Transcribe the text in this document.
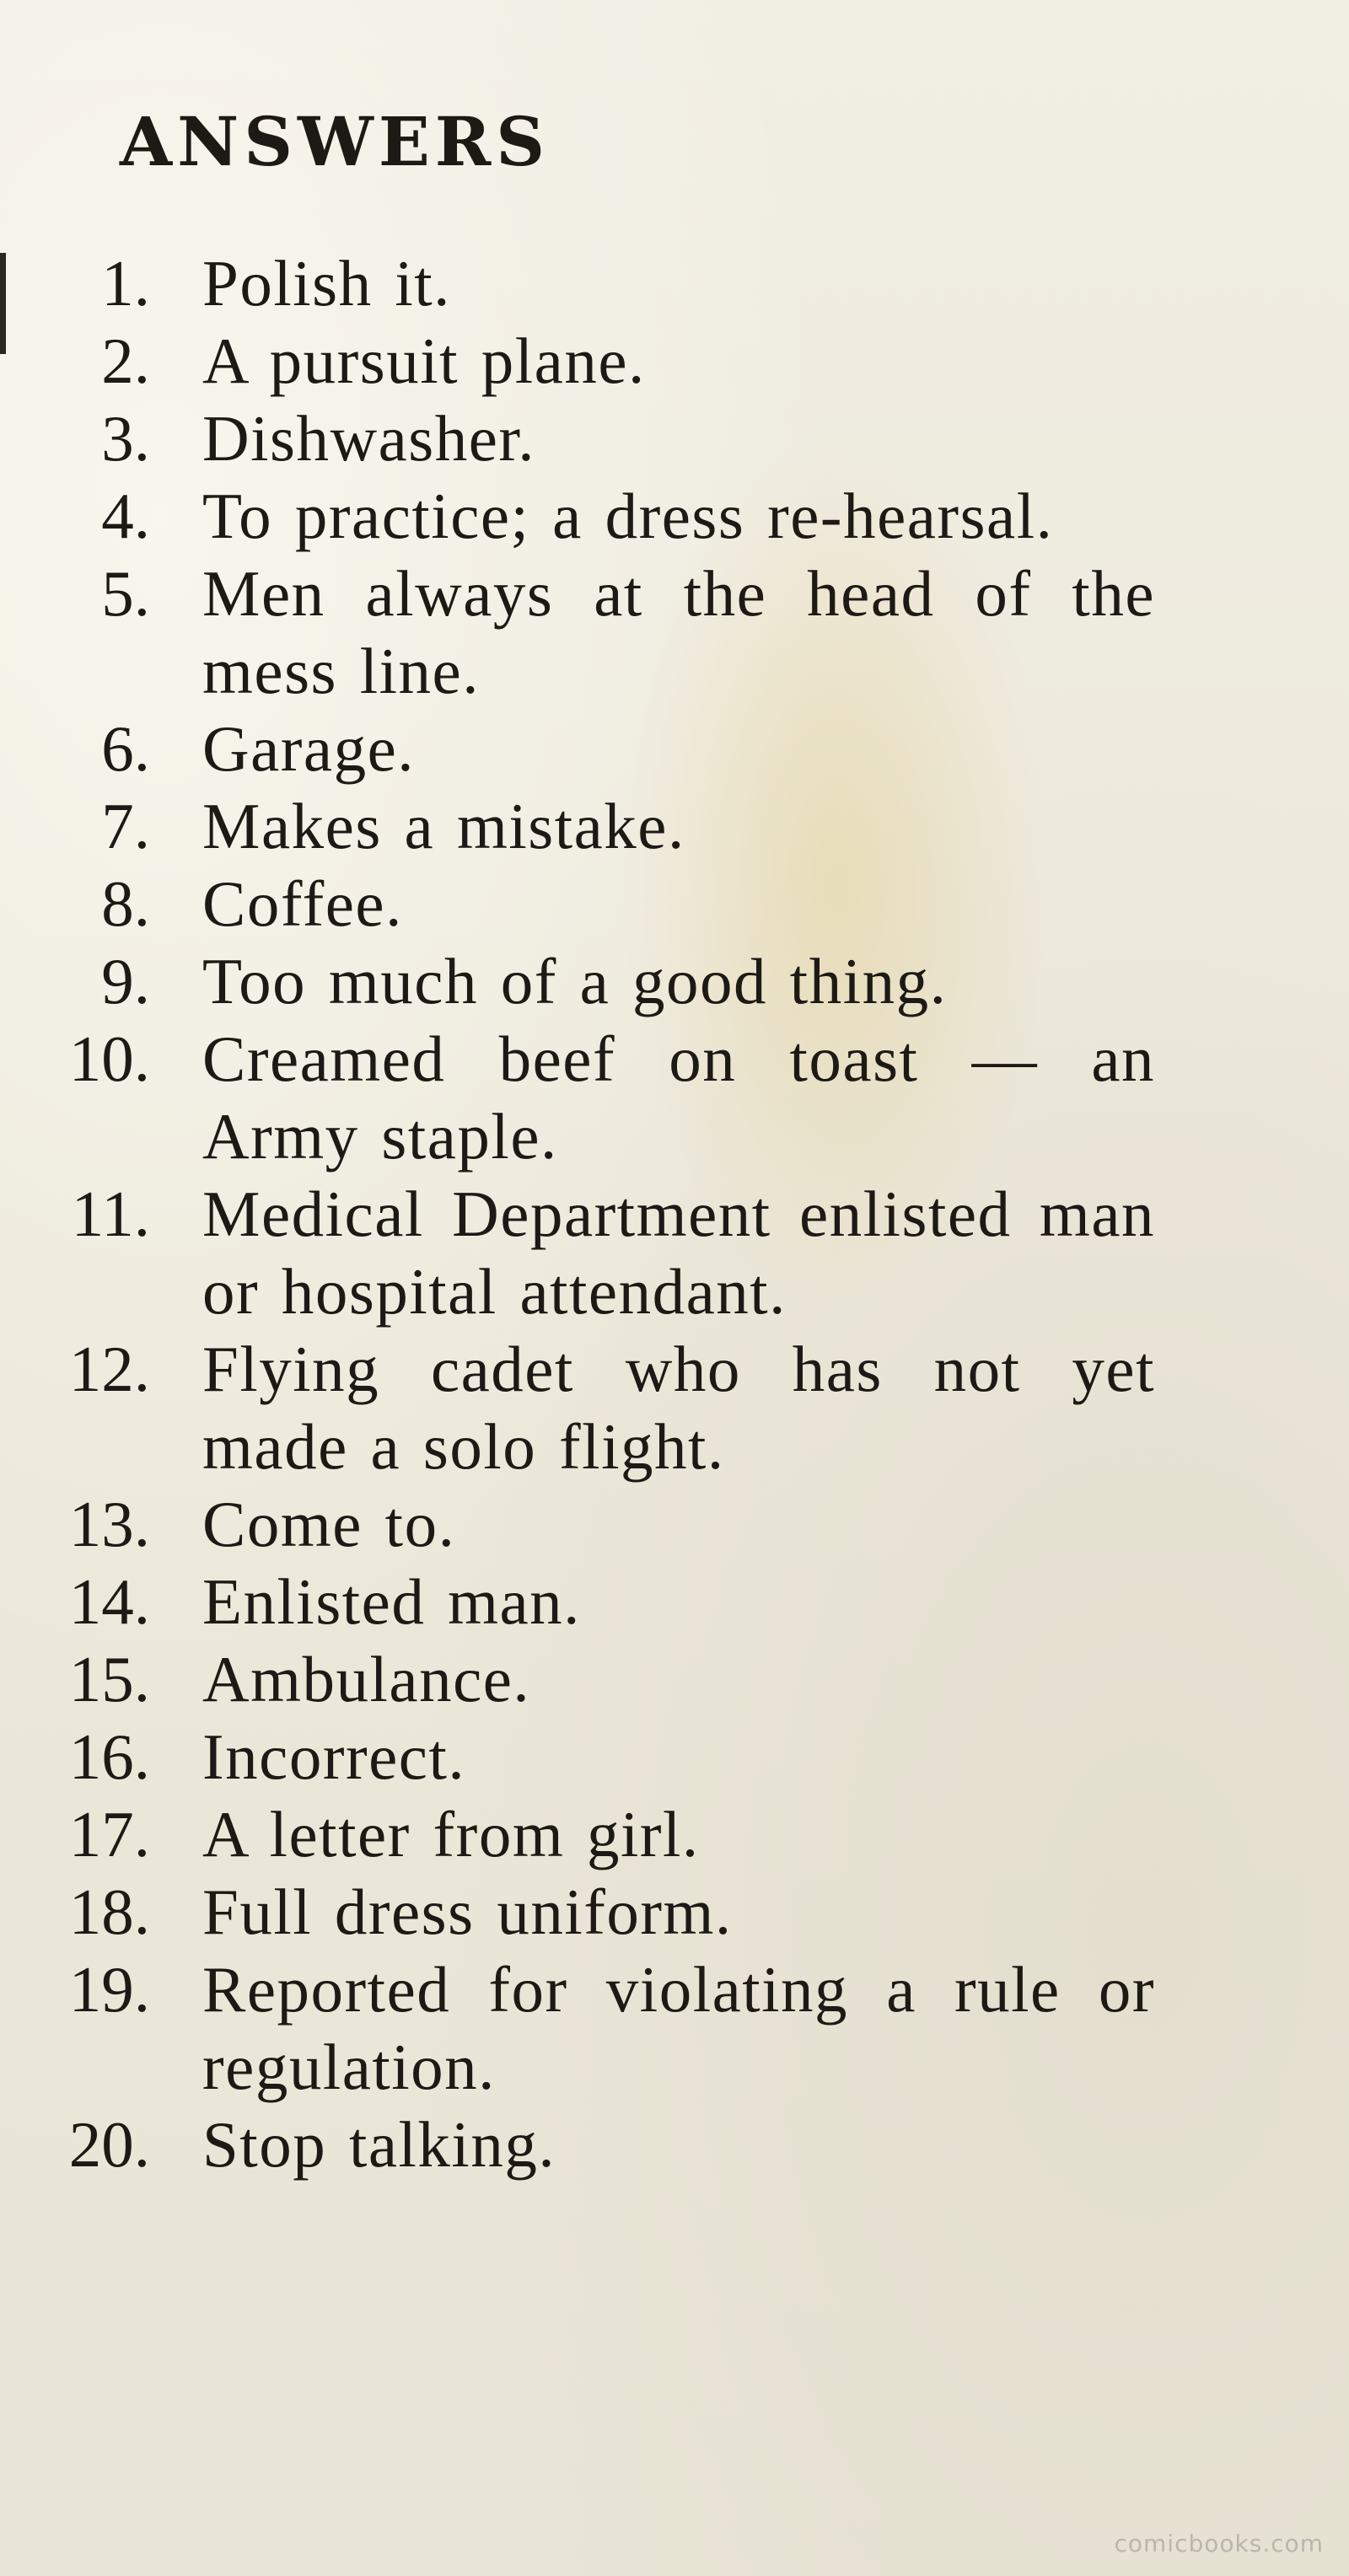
ANSWERS
1. Polish it.
2. A pursuit plane.
3. Dishwasher.
4. To practice; a dress re-hearsal.
5. Men always at the head of the mess line.
6. Garage.
7. Makes a mistake.
8. Coffee.
9. Too much of a good thing.
10. Creamed beef on toast — an Army staple.
11. Medical Department enlisted man or hospital attendant.
12. Flying cadet who has not yet made a solo flight.
13. Come to.
14. Enlisted man.
15. Ambulance.
16. Incorrect.
17. A letter from girl.
18. Full dress uniform.
19. Reported for violating a rule or regulation.
20. Stop talking.
comicbooks.com
